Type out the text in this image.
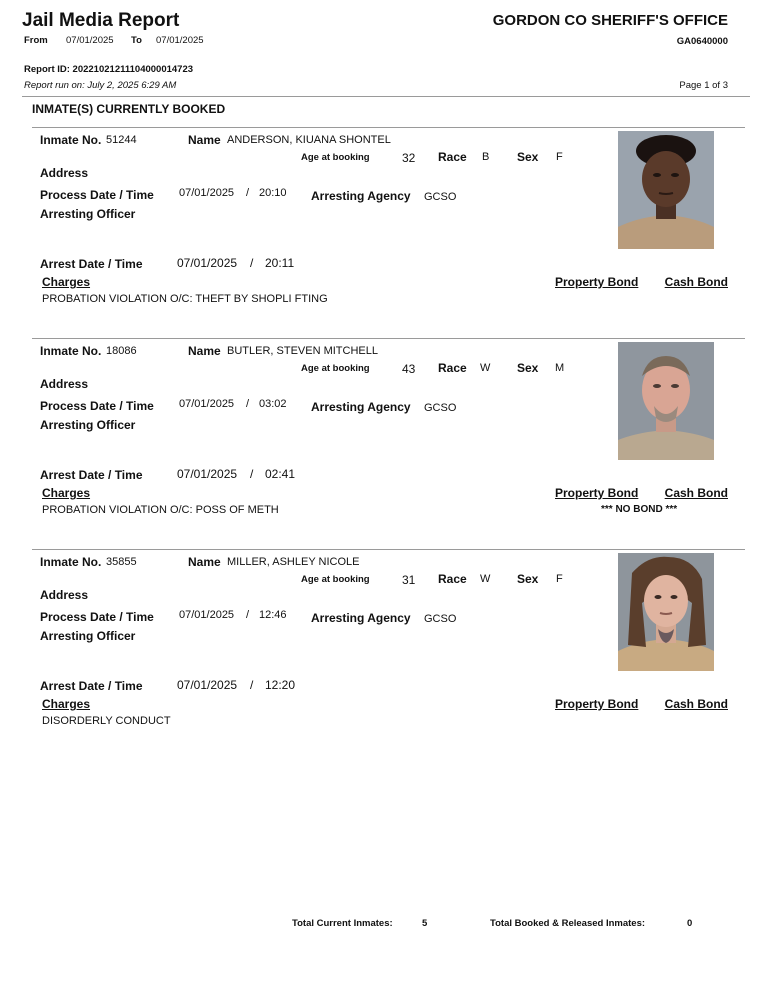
Jail Media Report	GORDON CO SHERIFF'S OFFICE
From 07/01/2025 To 07/01/2025	GA0640000
Report ID: 20221021211104000014723
Report run on: July 2, 2025 6:29 AM	Page 1 of 3
INMATE(S) CURRENTLY BOOKED
Inmate No. 51244	Name ANDERSON, KIUANA SHONTEL
Age at booking	32 Race B Sex F
Address
Process Date / Time 07/01/2025 / 20:10 Arresting Agency GCSO
Arresting Officer
Arrest Date / Time	07/01/2025 / 20:11
Charges	Property Bond Cash Bond
PROBATION VIOLATION O/C: THEFT BY SHOPLI FTING
Inmate No. 18086	Name BUTLER, STEVEN MITCHELL
Age at booking	43 Race W Sex M
Address
Process Date / Time 07/01/2025 / 03:02 Arresting Agency GCSO
Arresting Officer
Arrest Date / Time	07/01/2025 / 02:41
Charges	Property Bond Cash Bond
PROBATION VIOLATION O/C: POSS OF METH	*** NO BOND ***
Inmate No. 35855	Name MILLER, ASHLEY NICOLE
Age at booking	31 Race W Sex F
Address
Process Date / Time 07/01/2025 / 12:46 Arresting Agency GCSO
Arresting Officer
Arrest Date / Time	07/01/2025 / 12:20
Charges	Property Bond Cash Bond
DISORDERLY CONDUCT
Total Current Inmates:	5	Total Booked & Released Inmates:	0
